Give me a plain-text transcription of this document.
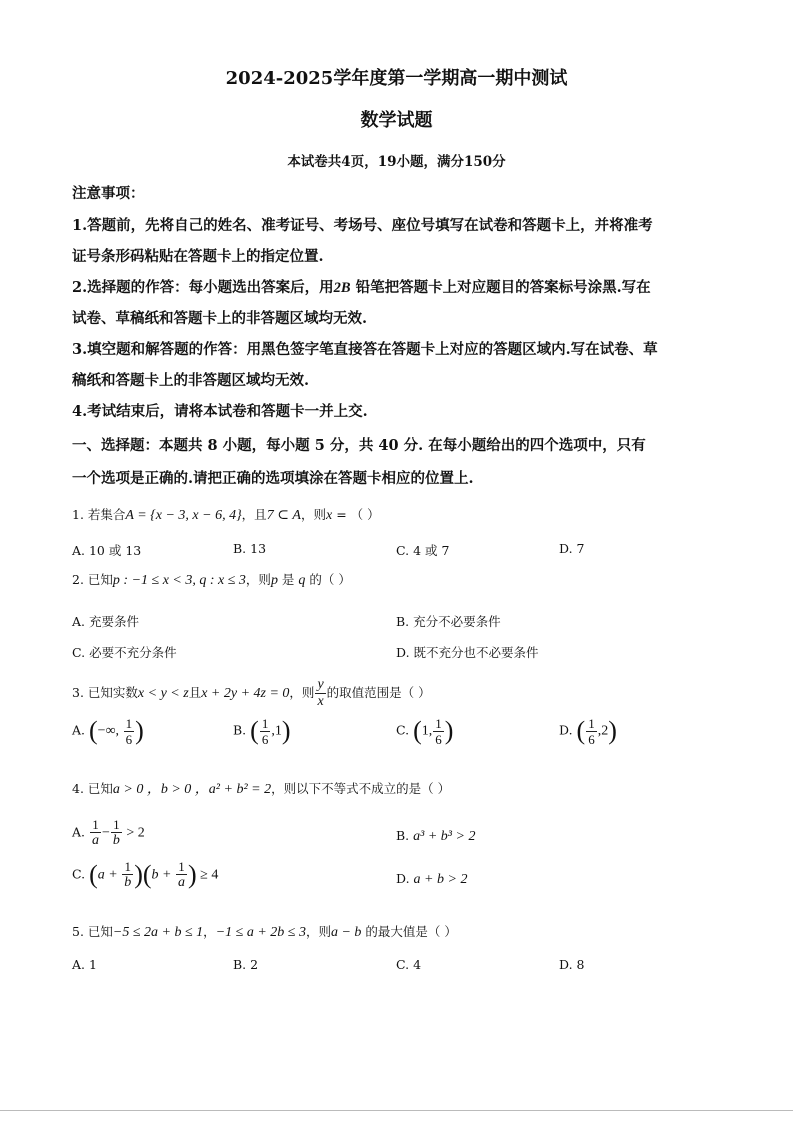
2024-2025学年度第一学期高一期中测试
数学试题
本试卷共4页，19小题，满分150分
注意事项：
1.答题前，先将自己的姓名、准考证号、考场号、座位号填写在试卷和答题卡上，并将准考
证号条形码粘贴在答题卡上的指定位置.
2.选择题的作答：每小题选出答案后，用2B 铅笔把答题卡上对应题目的答案标号涂黑.写在
试卷、草稿纸和答题卡上的非答题区域均无效.
3.填空题和解答题的作答：用黑色签字笔直接答在答题卡上对应的答题区域内.写在试卷、草
稿纸和答题卡上的非答题区域均无效.
4.考试结束后，请将本试卷和答题卡一并上交.
一、选择题：本题共 8 小题，每小题 5 分，共 40 分. 在每小题给出的四个选项中，只有
一个选项是正确的.请把正确的选项填涂在答题卡相应的位置上.
1. 若集合A = {x − 3, x − 6, 4}，且7 ⊂ A，则x = （ ）
A. 10 或 13	B. 13	C. 4 或 7	D. 7
2. 已知p : −1 ≤ x < 3, q : x ≤ 3，则p 是 q 的（ ）
A. 充要条件	B. 充分不必要条件
C. 必要不充分条件	D. 既不充分也不必要条件
3. 已知实数x < y < z且x + 2y + 4z = 0，则 $\frac{y}{x}$ 的取值范围是（ ）
A. (−∞, $\frac{1}{6}$ )	B. ( $\frac{1}{6} ,1$)	C. (1, $\frac{1}{6}$ )	D. ( $\frac{1}{6} ,2$)
4. 已知a > 0 ，b > 0 ，a² + b² = 2，则以下不等式不成立的是（ ）
A. $\frac{1}{a} - \frac{1}{b} > 2$	B. a³ + b³ > 2
C. $(a + \frac{1}{b} )(b + \frac{1}{a}$ ) ≥ 4	D. a + b > 2
5. 已知−5 ≤ 2a + b ≤ 1，−1 ≤ a + 2b ≤ 3，则a − b 的最大值是（ ）
A. 1	B. 2	C. 4	D. 8
